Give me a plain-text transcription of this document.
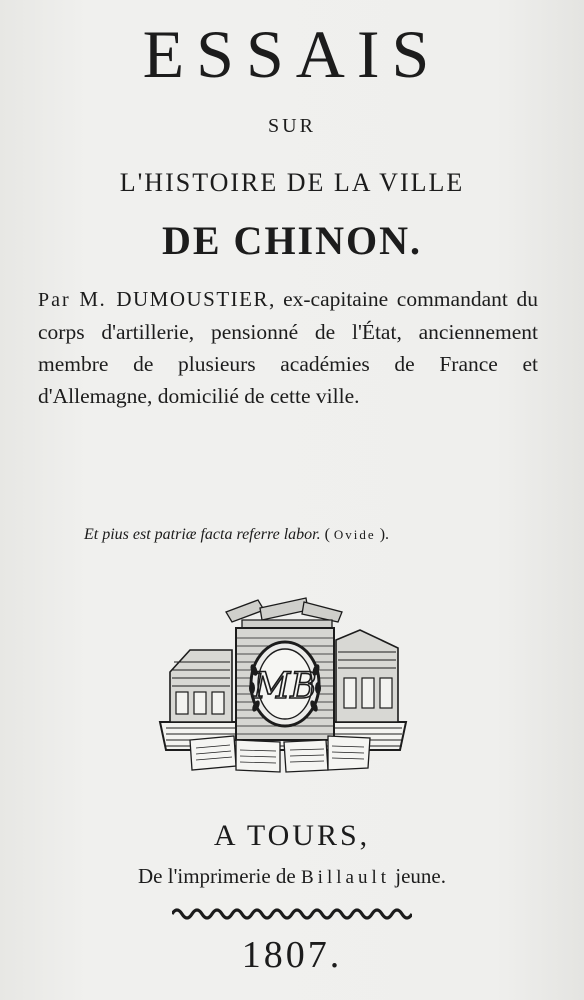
ESSAIS
SUR
L'HISTOIRE DE LA VILLE
DE CHINON.
Par M. DUMOUSTIER, ex-capitaine commandant du corps d'artillerie, pensionné de l'État, anciennement membre de plusieurs académies de France et d'Allemagne, domicilié de cette ville.
Et pius est patriæ facta referre labor. ( Ovide ).
MB
A TOURS,
De l'imprimerie de Billault jeune.
1807.
